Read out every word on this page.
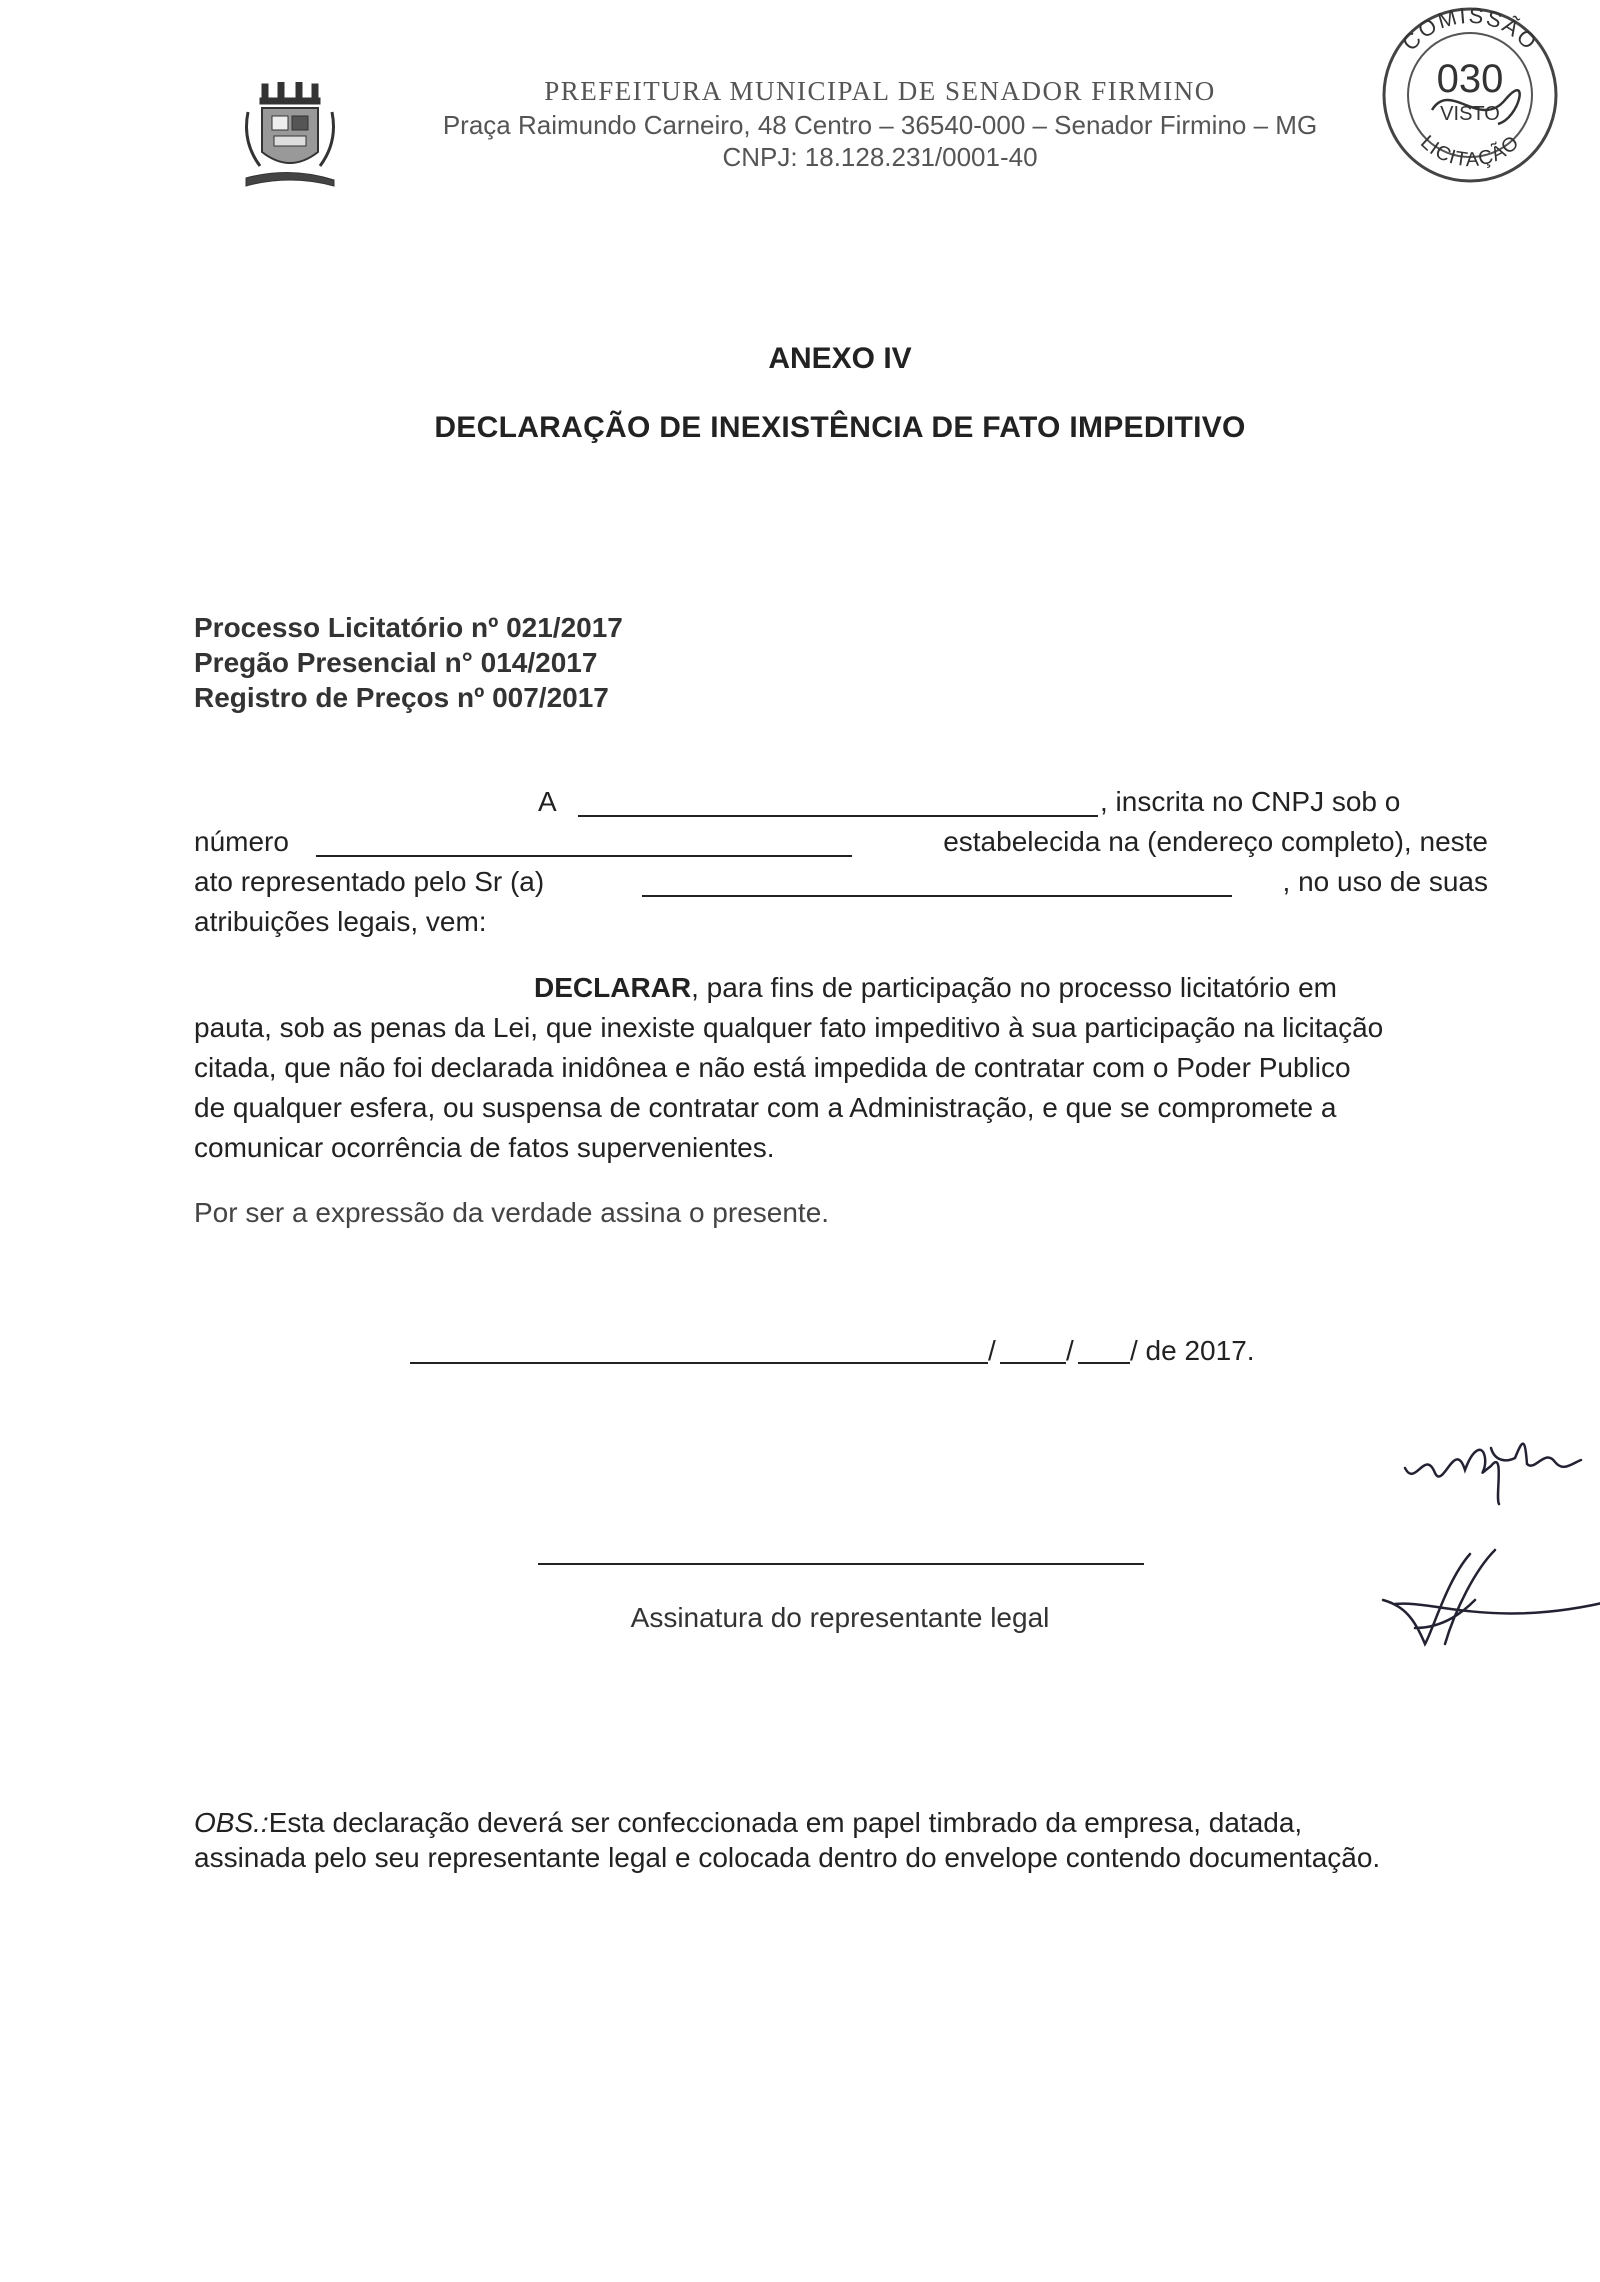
PREFEITURA MUNICIPAL DE SENADOR FIRMINO
Praça Raimundo Carneiro, 48 Centro – 36540-000 – Senador Firmino – MG
CNPJ: 18.128.231/0001-40
COMISSÃO
030
VISTO
LICITAÇÃO
ANEXO IV
DECLARAÇÃO DE INEXISTÊNCIA DE FATO IMPEDITIVO
Processo Licitatório nº 021/2017
Pregão Presencial n° 014/2017
Registro de Preços nº 007/2017
A	, inscrita no CNPJ sob o
número	estabelecida na (endereço completo), neste
ato representado pelo Sr (a)	, no uso de suas
atribuições legais, vem:
DECLARAR, para fins de participação no processo licitatório em
pauta, sob as penas da Lei, que inexiste qualquer fato impeditivo à sua participação na licitação
citada, que não foi declarada inidônea e não está impedida de contratar com o Poder Publico
de qualquer esfera, ou suspensa de contratar com a Administração, e que se compromete a
comunicar ocorrência de fatos supervenientes.
Por ser a expressão da verdade assina o presente.
/	/ / de 2017.
Assinatura do representante legal
OBS.:Esta declaração deverá ser confeccionada em papel timbrado da empresa, datada,
assinada pelo seu representante legal e colocada dentro do envelope contendo documentação.
